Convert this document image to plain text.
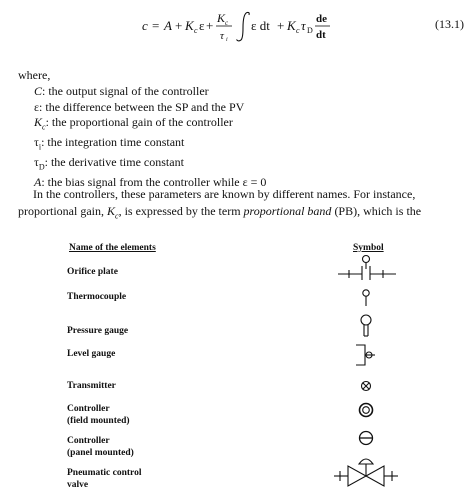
c = A + K c ε + K c
τ i
ε dt + K c τ D
de
dt
(13.1)
where,
C: the output signal of the controller
ε: the difference between the SP and the PV
$K_c$: the proportional gain of the controller
$\tau_i$: the integration time constant
$\tau_D$: the derivative time constant
A: the bias signal from the controller while ε = 0
In the controllers, these parameters are known by different names. For instance,
proportional gain, $K_c$, is expressed by the term proportional band (PB), which is the
Name of the elements	Symbol
Orifice plate
Thermocouple
Pressure gauge
Level gauge
Transmitter
Controller
(field mounted)
Controller
(panel mounted)
Pneumatic control
valve
